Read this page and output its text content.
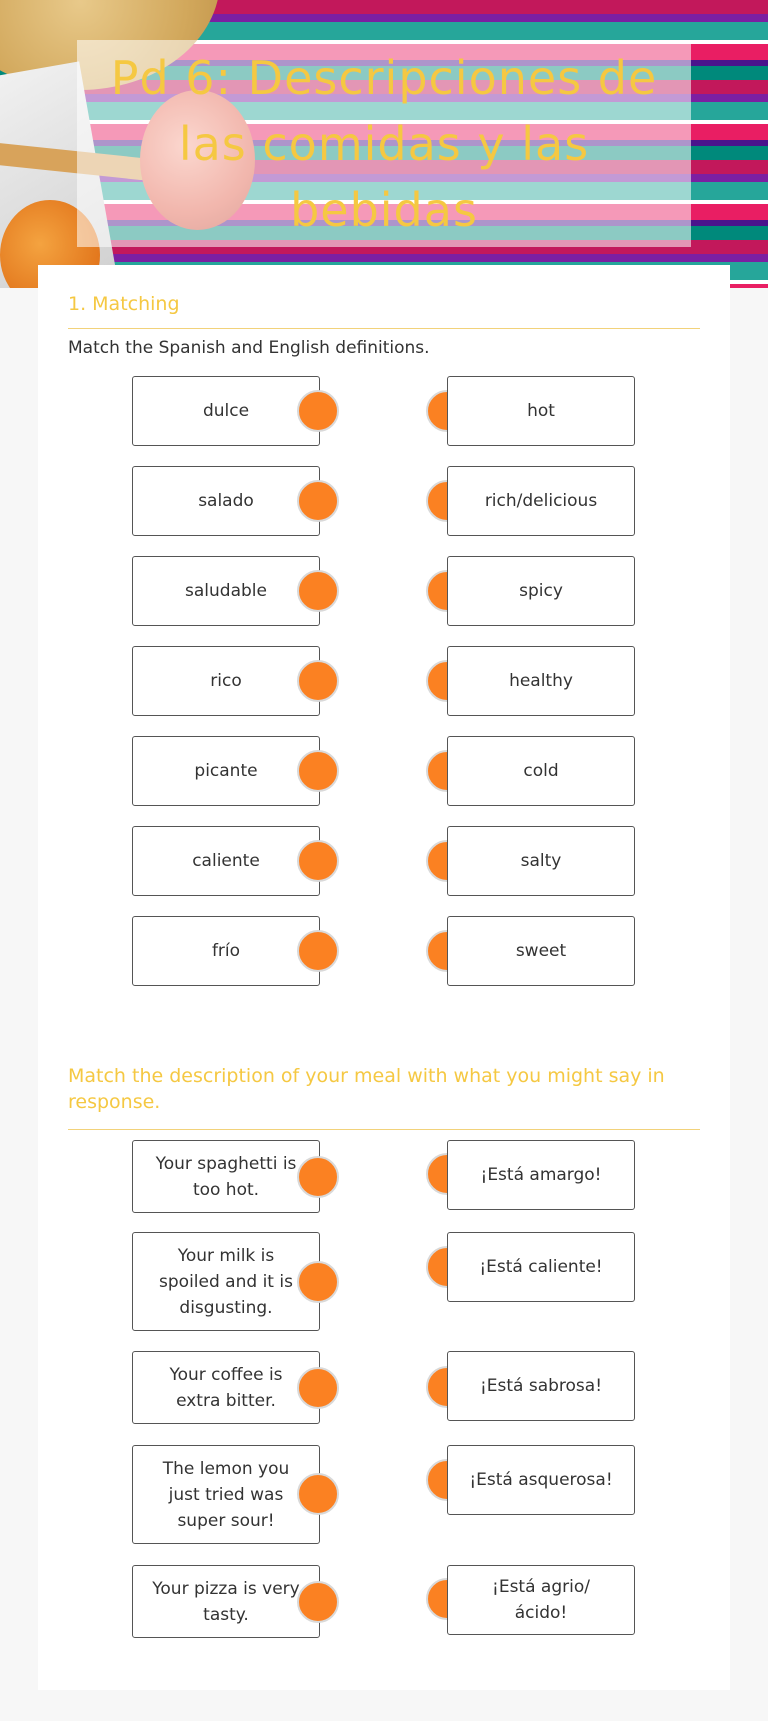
Pd 6: Descripciones de las comidas y las bebidas
1. Matching
Match the Spanish and English definitions.
dulce	hot
salado	rich/delicious
saludable	spicy
rico	healthy
picante	cold
caliente	salty
frío	sweet
Match the description of your meal with what you might say in response.
Your spaghetti is too hot.
¡Está amargo!
Your milk is spoiled and it is disgusting.
¡Está caliente!
Your coffee is extra bitter.
¡Está sabrosa!
The lemon you just tried was super sour!
¡Está asquerosa!
Your pizza is very tasty.
¡Está agrio/ácido!
